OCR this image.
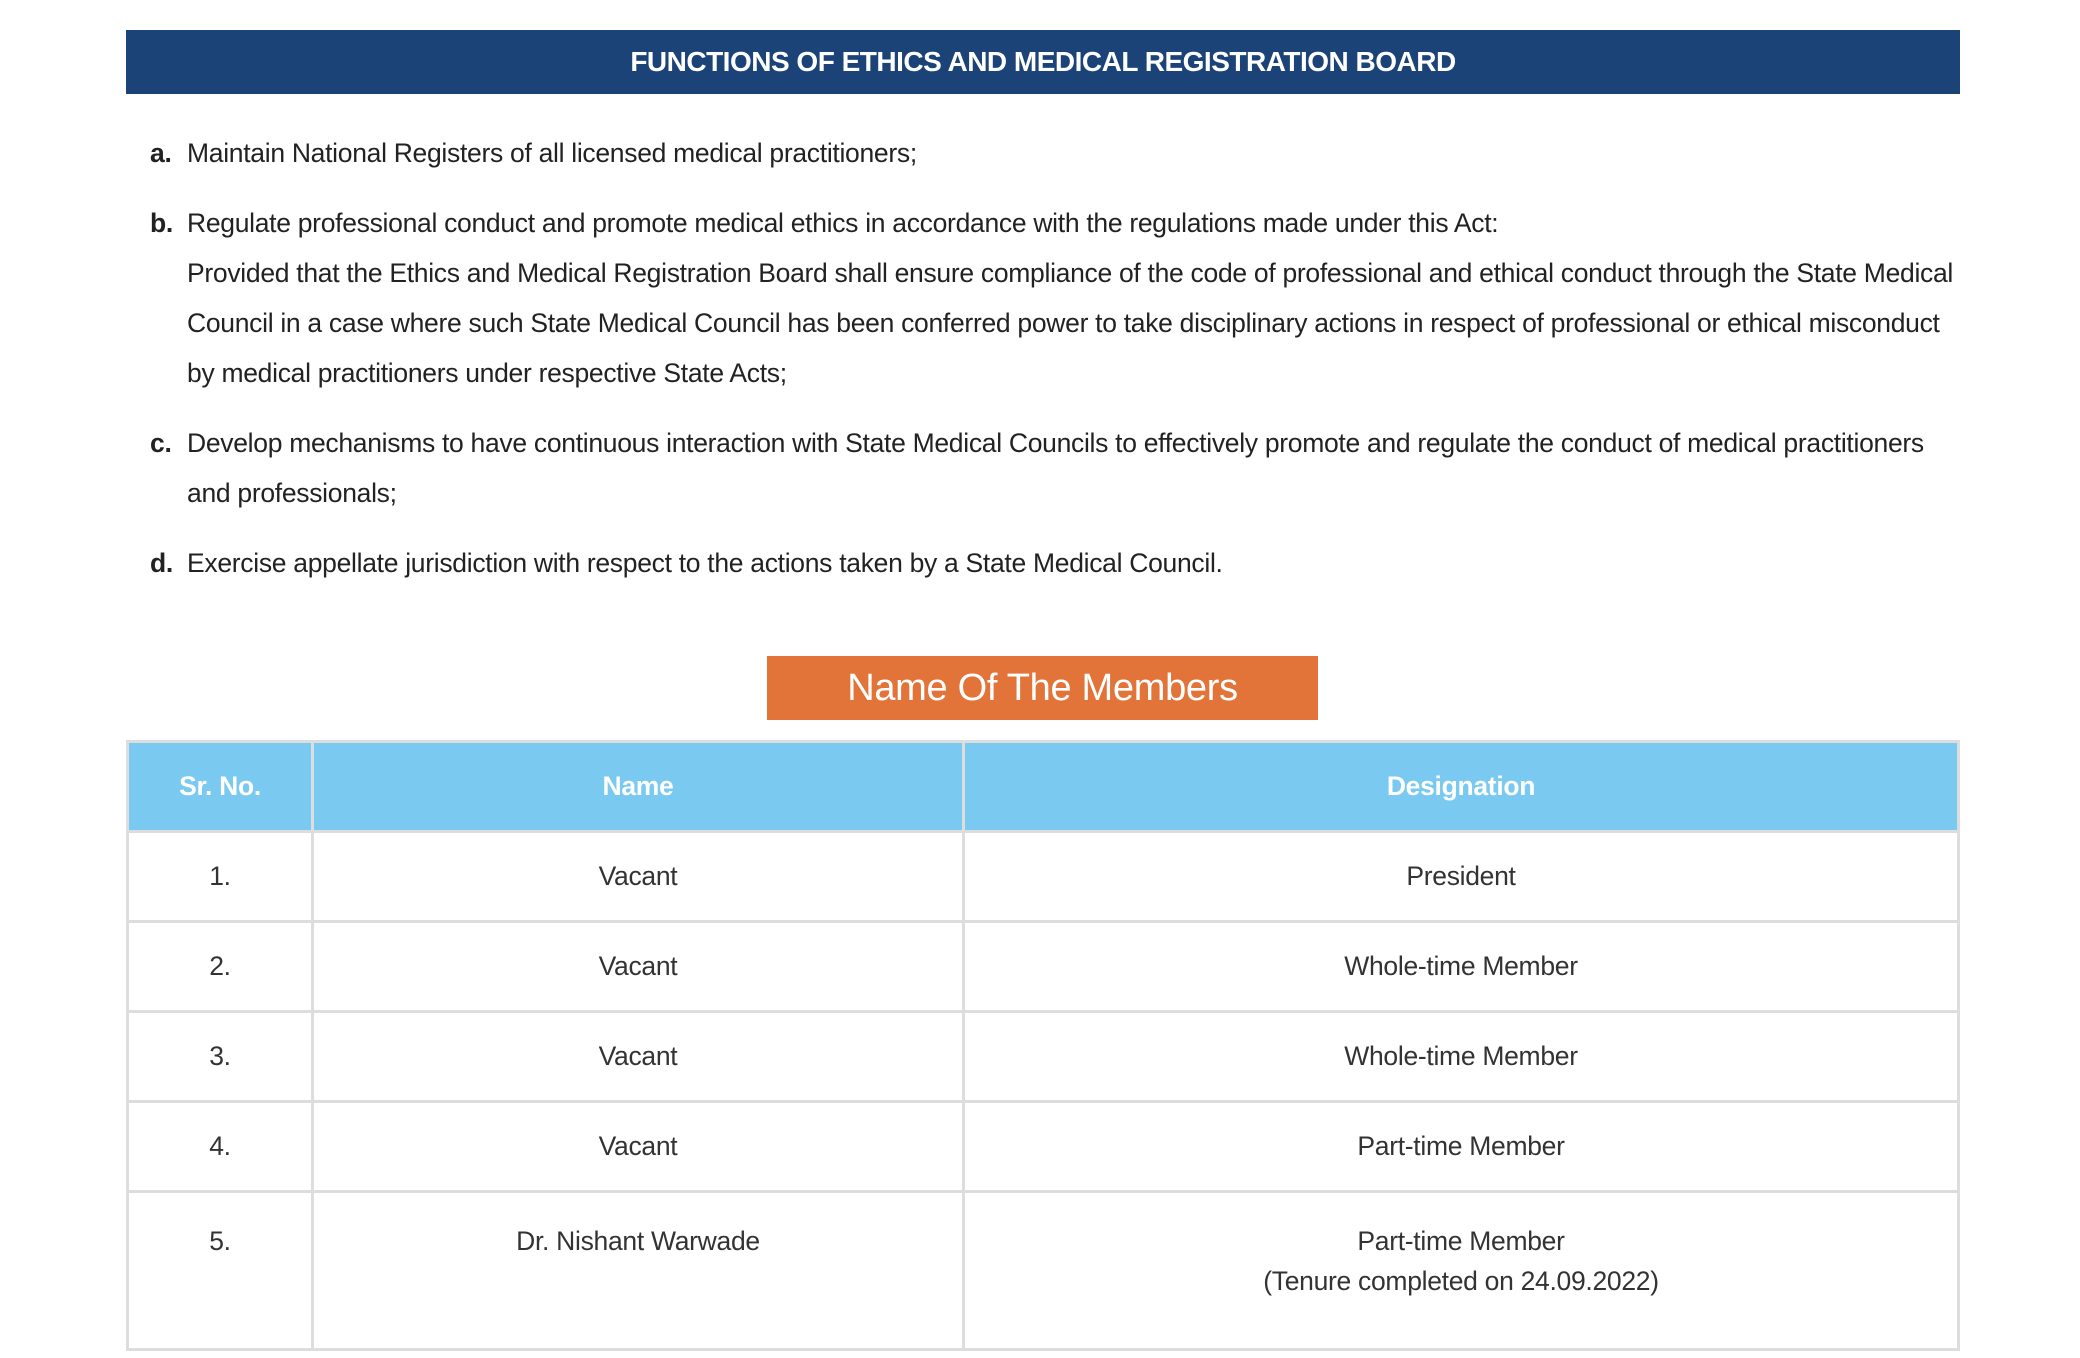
FUNCTIONS OF ETHICS AND MEDICAL REGISTRATION BOARD
a. Maintain National Registers of all licensed medical practitioners;
b. Regulate professional conduct and promote medical ethics in accordance with the regulations made under this Act:
Provided that the Ethics and Medical Registration Board shall ensure compliance of the code of professional and ethical conduct through the State Medical Council in a case where such State Medical Council has been conferred power to take disciplinary actions in respect of professional or ethical misconduct by medical practitioners under respective State Acts;
c. Develop mechanisms to have continuous interaction with State Medical Councils to effectively promote and regulate the conduct of medical practitioners and professionals;
d. Exercise appellate jurisdiction with respect to the actions taken by a State Medical Council.
Name Of The Members
Sr. No.	Name	Designation
1.	Vacant	President
2.	Vacant	Whole-time Member
3.	Vacant	Whole-time Member
4.	Vacant	Part-time Member
5.	Dr. Nishant Warwade	Part-time Member
(Tenure completed on 24.09.2022)
